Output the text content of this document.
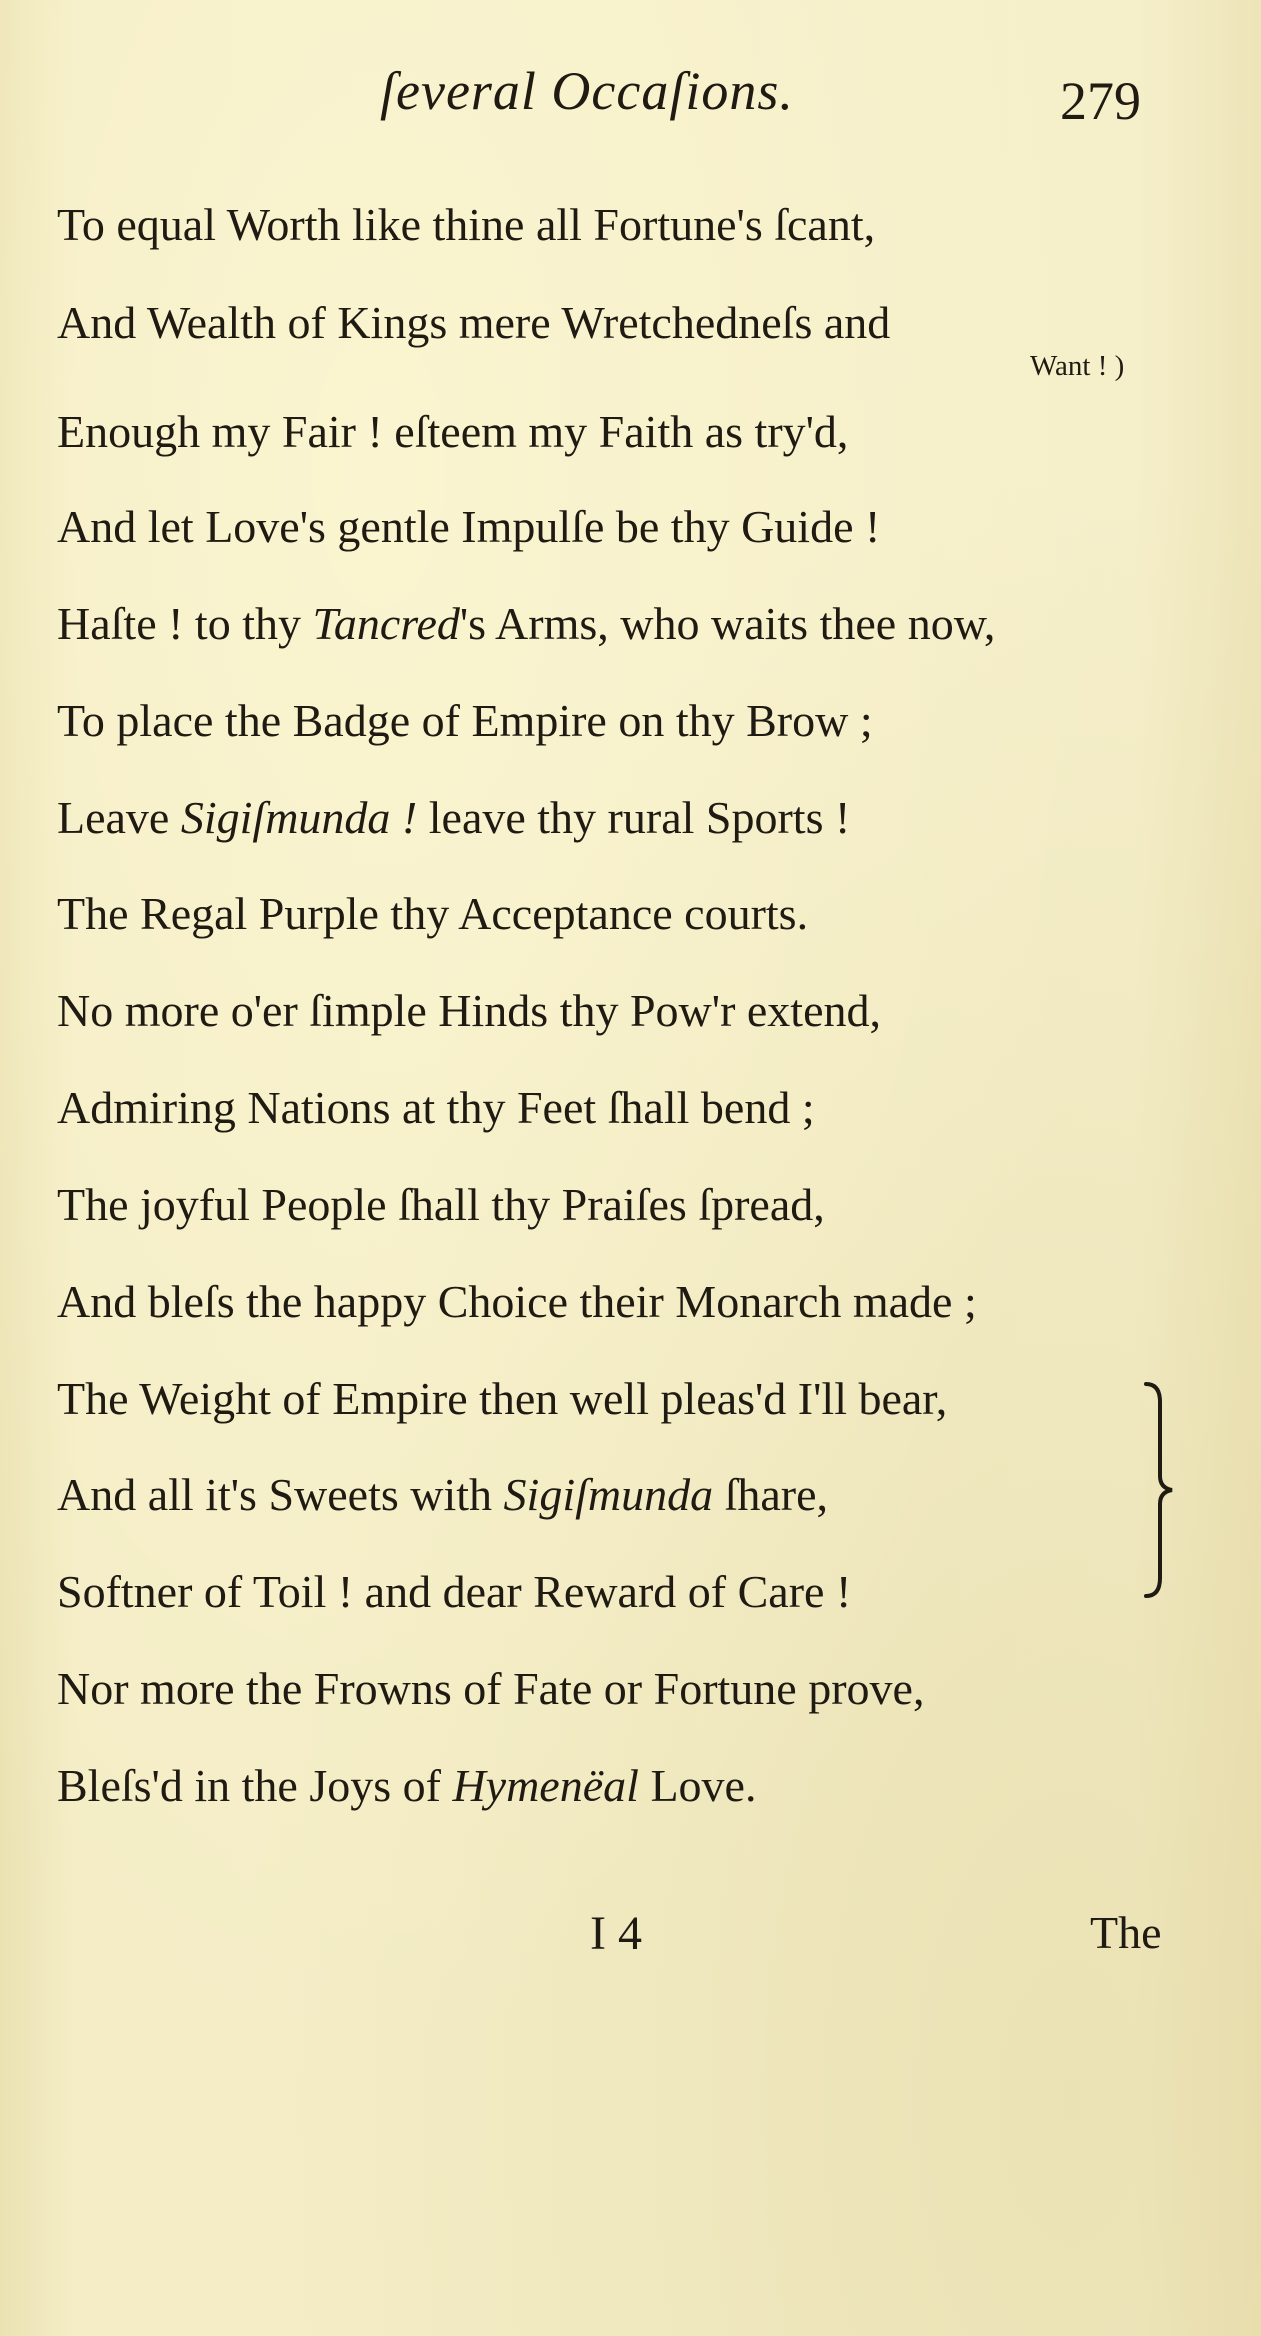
ſeveral Occaſions.	279
To equal Worth like thine all Fortune's ſcant,
And Wealth of Kings mere Wretchedneſs and
Want ! )
Enough my Fair ! eſteem my Faith as try'd,
And let Love's gentle Impulſe be thy Guide !
Haſte ! to thy Tancred's Arms, who waits thee now,
To place the Badge of Empire on thy Brow ;
Leave Sigiſmunda ! leave thy rural Sports !
The Regal Purple thy Acceptance courts.
No more o'er ſimple Hinds thy Pow'r extend,
Admiring Nations at thy Feet ſhall bend ;
The joyful People ſhall thy Praiſes ſpread,
And bleſs the happy Choice their Monarch made ;
The Weight of Empire then well pleas'd I'll bear,
And all it's Sweets with Sigiſmunda ſhare,
Softner of Toil ! and dear Reward of Care !
Nor more the Frowns of Fate or Fortune prove,
Bleſs'd in the Joys of Hymenëal Love.
I 4	The
